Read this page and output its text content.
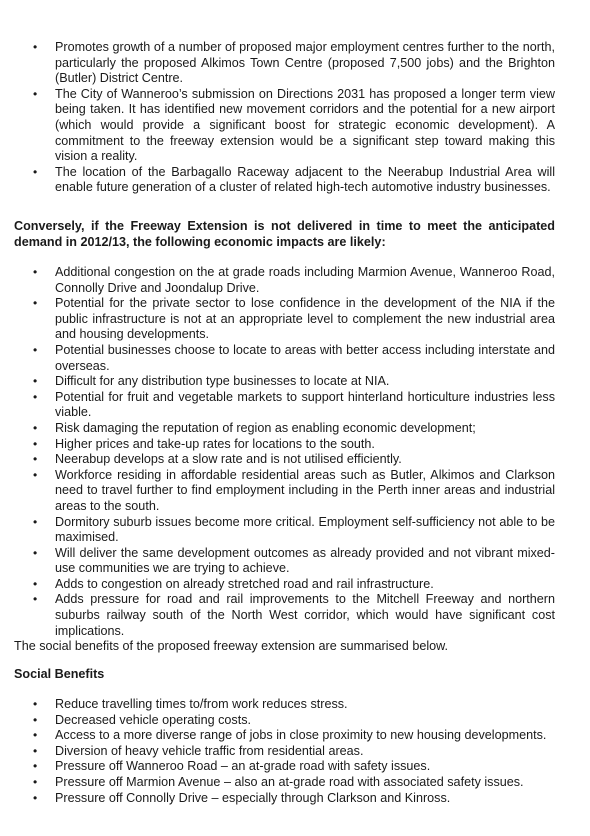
• Promotes growth of a number of proposed major employment centres further to the north, particularly the proposed Alkimos Town Centre (proposed 7,500 jobs) and the Brighton (Butler) District Centre.
• The City of Wanneroo’s submission on Directions 2031 has proposed a longer term view being taken. It has identified new movement corridors and the potential for a new airport (which would provide a significant boost for strategic economic development). A commitment to the freeway extension would be a significant step toward making this vision a reality.
• The location of the Barbagallo Raceway adjacent to the Neerabup Industrial Area will enable future generation of a cluster of related high-tech automotive industry businesses.

Conversely, if the Freeway Extension is not delivered in time to meet the anticipated demand in 2012/13, the following economic impacts are likely:

• Additional congestion on the at grade roads including Marmion Avenue, Wanneroo Road, Connolly Drive and Joondalup Drive.
• Potential for the private sector to lose confidence in the development of the NIA if the public infrastructure is not at an appropriate level to complement the new industrial area and housing developments.
• Potential businesses choose to locate to areas with better access including interstate and overseas.
• Difficult for any distribution type businesses to locate at NIA.
• Potential for fruit and vegetable markets to support hinterland horticulture industries less viable.
• Risk damaging the reputation of region as enabling economic development;
• Higher prices and take-up rates for locations to the south.
• Neerabup develops at a slow rate and is not utilised efficiently.
• Workforce residing in affordable residential areas such as Butler, Alkimos and Clarkson need to travel further to find employment including in the Perth inner areas and industrial areas to the south.
• Dormitory suburb issues become more critical. Employment self-sufficiency not able to be maximised.
• Will deliver the same development outcomes as already provided and not vibrant mixed-use communities we are trying to achieve.
• Adds to congestion on already stretched road and rail infrastructure.
• Adds pressure for road and rail improvements to the Mitchell Freeway and northern suburbs railway south of the North West corridor, which would have significant cost implications.

The social benefits of the proposed freeway extension are summarised below.

Social Benefits

• Reduce travelling times to/from work reduces stress.
• Decreased vehicle operating costs.
• Access to a more diverse range of jobs in close proximity to new housing developments.
• Diversion of heavy vehicle traffic from residential areas.
• Pressure off Wanneroo Road – an at-grade road with safety issues.
• Pressure off Marmion Avenue – also an at-grade road with associated safety issues.
• Pressure off Connolly Drive – especially through Clarkson and Kinross.
